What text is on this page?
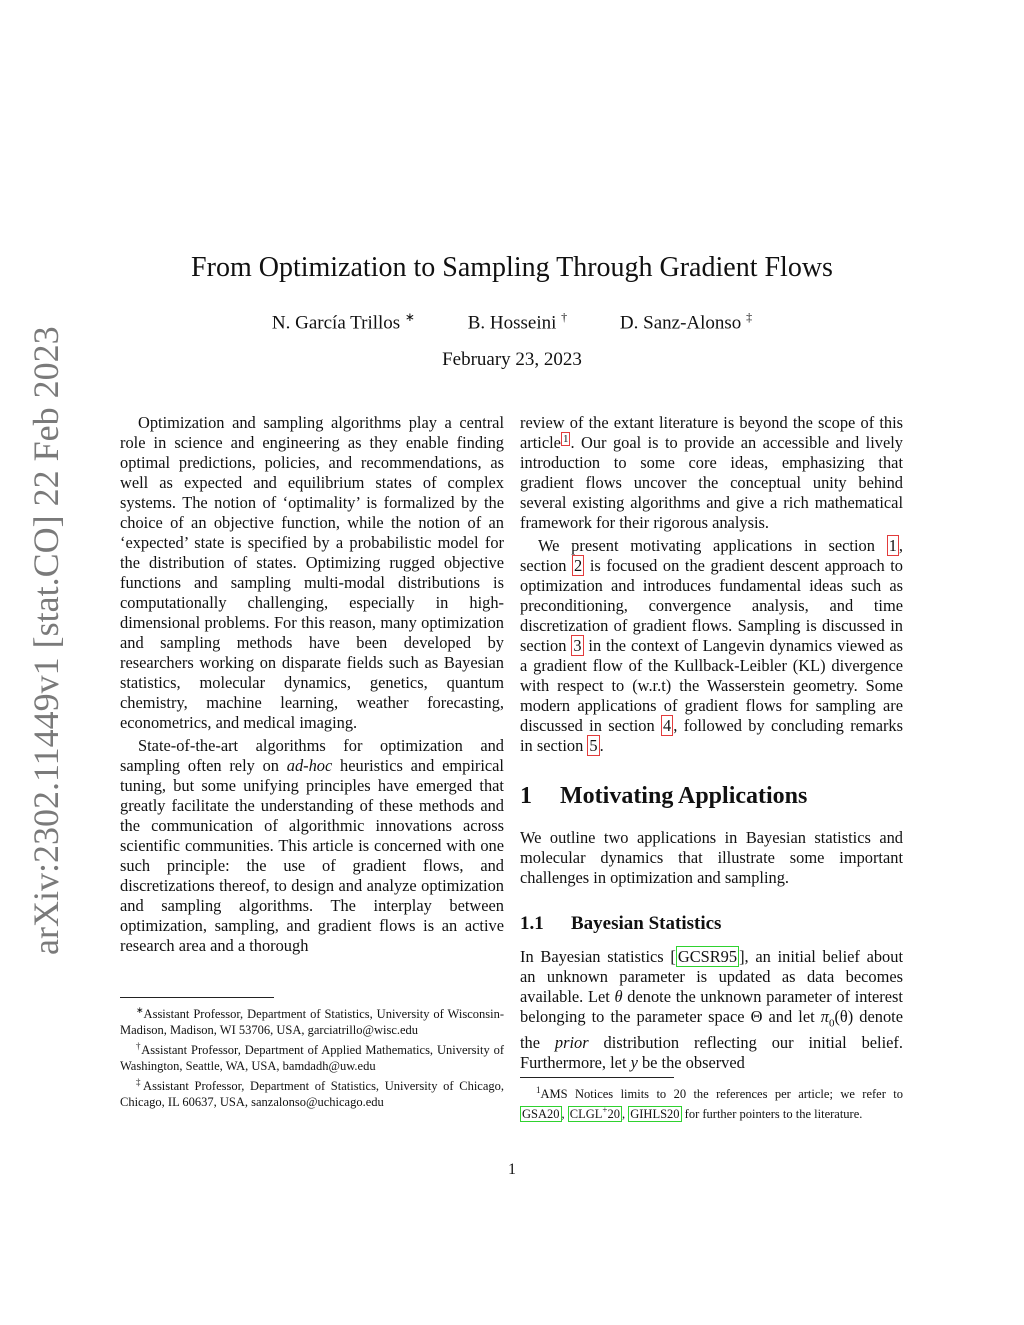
arXiv:2302.11449v1 [stat.CO] 22 Feb 2023
From Optimization to Sampling Through Gradient Flows
N. García Trillos ∗	B. Hosseini †	D. Sanz-Alonso ‡
February 23, 2023

Optimization and sampling algorithms play a central role in science and engineering as they enable finding optimal predictions, policies, and recommendations, as well as expected and equilibrium states of complex systems. The notion of ‘optimality’ is formalized by the choice of an objective function, while the notion of an ‘expected’ state is specified by a probabilistic model for the distribution of states. Optimizing rugged objective functions and sampling multi-modal distributions is computationally challenging, especially in high-dimensional problems. For this reason, many optimization and sampling methods have been developed by researchers working on disparate fields such as Bayesian statistics, molecular dynamics, genetics, quantum chemistry, machine learning, weather forecasting, econometrics, and medical imaging.

State-of-the-art algorithms for optimization and sampling often rely on ad-hoc heuristics and empirical tuning, but some unifying principles have emerged that greatly facilitate the understanding of these methods and the communication of algorithmic innovations across scientific communities. This article is concerned with one such principle: the use of gradient flows, and discretizations thereof, to design and analyze optimization and sampling algorithms. The interplay between optimization, sampling, and gradient flows is an active research area and a thorough

review of the extant literature is beyond the scope of this article $^1$ . Our goal is to provide an accessible and lively introduction to some core ideas, emphasizing that gradient flows uncover the conceptual unity behind several existing algorithms and give a rich mathematical framework for their rigorous analysis.

We present motivating applications in section 1 , section 2 is focused on the gradient descent approach to optimization and introduces fundamental ideas such as preconditioning, convergence analysis, and time discretization of gradient flows. Sampling is discussed in section 3 in the context of Langevin dynamics viewed as a gradient flow of the Kullback-Leibler (KL) divergence with respect to (w.r.t) the Wasserstein geometry. Some modern applications of gradient flows for sampling are discussed in section 4 , followed by concluding remarks in section 5 .

1 Motivating Applications

We outline two applications in Bayesian statistics and molecular dynamics that illustrate some important challenges in optimization and sampling.

1.1 Bayesian Statistics

In Bayesian statistics [ GCSR95 ], an initial belief about an unknown parameter is updated as data becomes available. Let θ denote the unknown parameter of interest belonging to the parameter space Θ and let $\pi_0(\theta)$ denote the prior distribution reflecting our initial belief. Furthermore, let y be the observed

∗Assistant Professor, Department of Statistics, University of Wisconsin-Madison, Madison, WI 53706, USA, garciatrillo@wisc.edu

†Assistant Professor, Department of Applied Mathematics, University of Washington, Seattle, WA, USA, bamdadh@uw.edu

‡Assistant Professor, Department of Statistics, University of Chicago, Chicago, IL 60637, USA, sanzalonso@uchicago.edu

$^1$AMS Notices limits to 20 the references per article; we refer to GSA20 , CLGL+20 , GIHLS20 for further pointers to the literature.

1
